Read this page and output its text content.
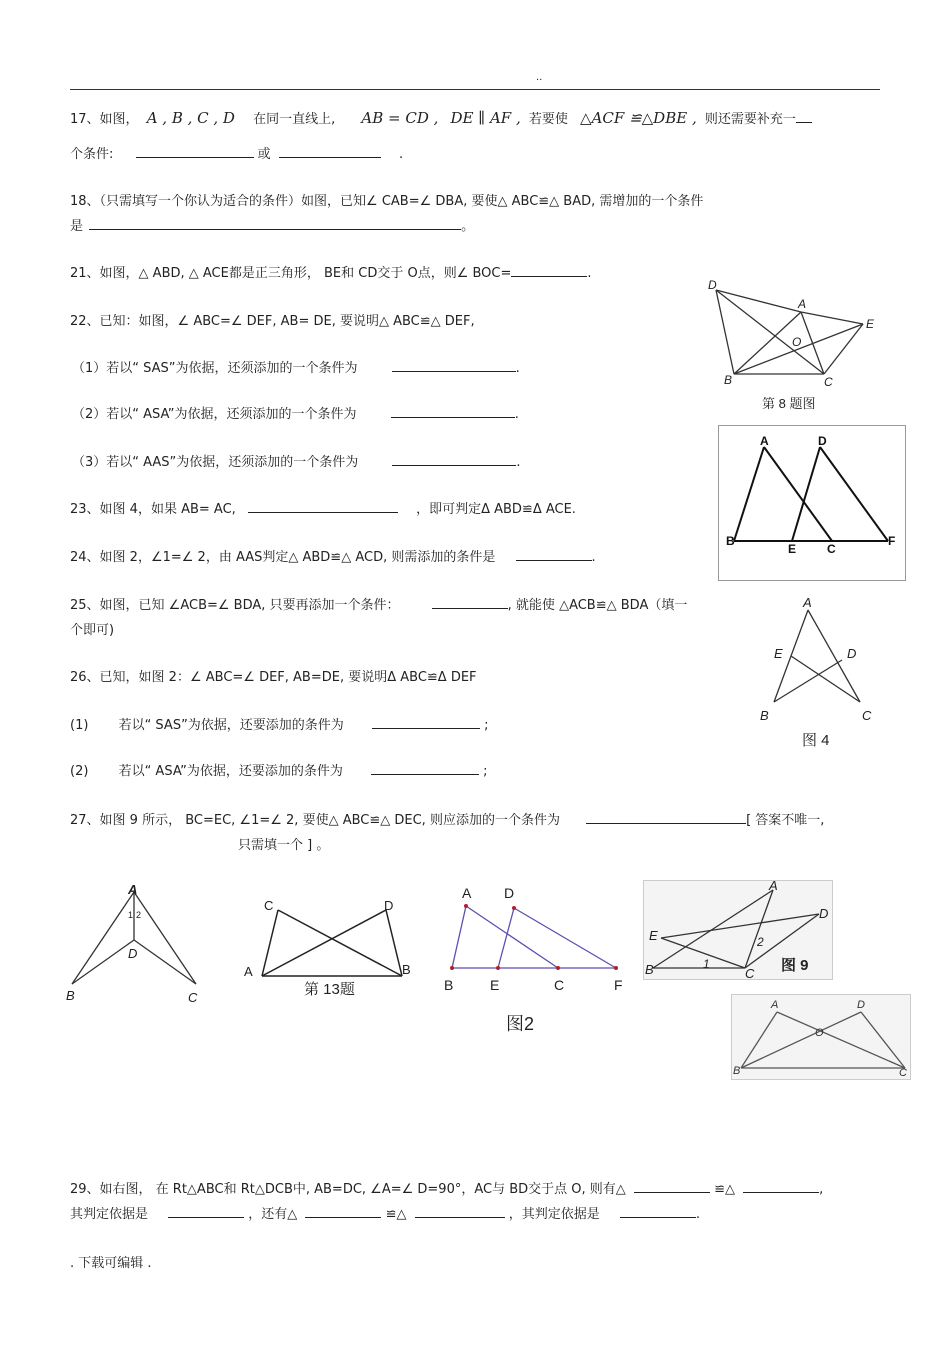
..
17、如图， A , B , C , D 在同一直线上, AB = CD , DE ∥ AF , 若要使 △ACF ≌△DBE , 则还需要补充一
个条件:	或	.
18、（只需填写一个你认为适合的条件）如图，已知∠ CAB=∠ DBA, 要使△ ABC≌△ BAD, 需增加的一个条件
是	。
21、如图，△ ABD, △ ACE都是正三角形， BE和 CD交于 O点，则∠ BOC=	.
22、已知：如图，∠ ABC=∠ DEF, AB= DE, 要说明△ ABC≌△ DEF,
（1）若以“ SAS”为依据，还须添加的一个条件为	.
（2）若以“ ASA”为依据，还须添加的一个条件为	.
（3）若以“ AAS”为依据，还须添加的一个条件为	.
23、如图 4，如果 AB= AC,	，即可判定Δ ABD≌Δ ACE.
24、如图 2，∠1=∠ 2，由 AAS判定△ ABD≌△ ACD, 则需添加的条件是	.
25、如图，已知 ∠ACB=∠ BDA, 只要再添加一个条件：	, 就能使 △ACB≌△ BDA（填一
个即可)
26、已知，如图 2：∠ ABC=∠ DEF, AB=DE, 要说明Δ ABC≌Δ DEF
(1) 若以“ SAS”为依据，还要添加的条件为	;
(2) 若以“ ASA”为依据，还要添加的条件为	;
27、如图 9 所示， BC=EC, ∠1=∠ 2, 要使△ ABC≌△ DEC, 则应添加的一个条件为	[ 答案不唯一,
只需填一个 ] 。
29、如右图， 在 Rt△ABC和 Rt△DCB中, AB=DC, ∠A=∠ D=90°，AC与 BD交于点 O, 则有△	≌△	,
其判定依据是	，还有△	≌△	，其判定依据是	.
. 下载可编辑 .
D
A
E
O
B	C
第 8 题图
A	D
B
E	C
F
A
E	D
B	C
图 4
A
1 2
D
B	C
C	D
A	B
第 13题
A D
B	E	C	F
图2
A
D
E	2
1
B	C 图 9
A	D
O
B	C
